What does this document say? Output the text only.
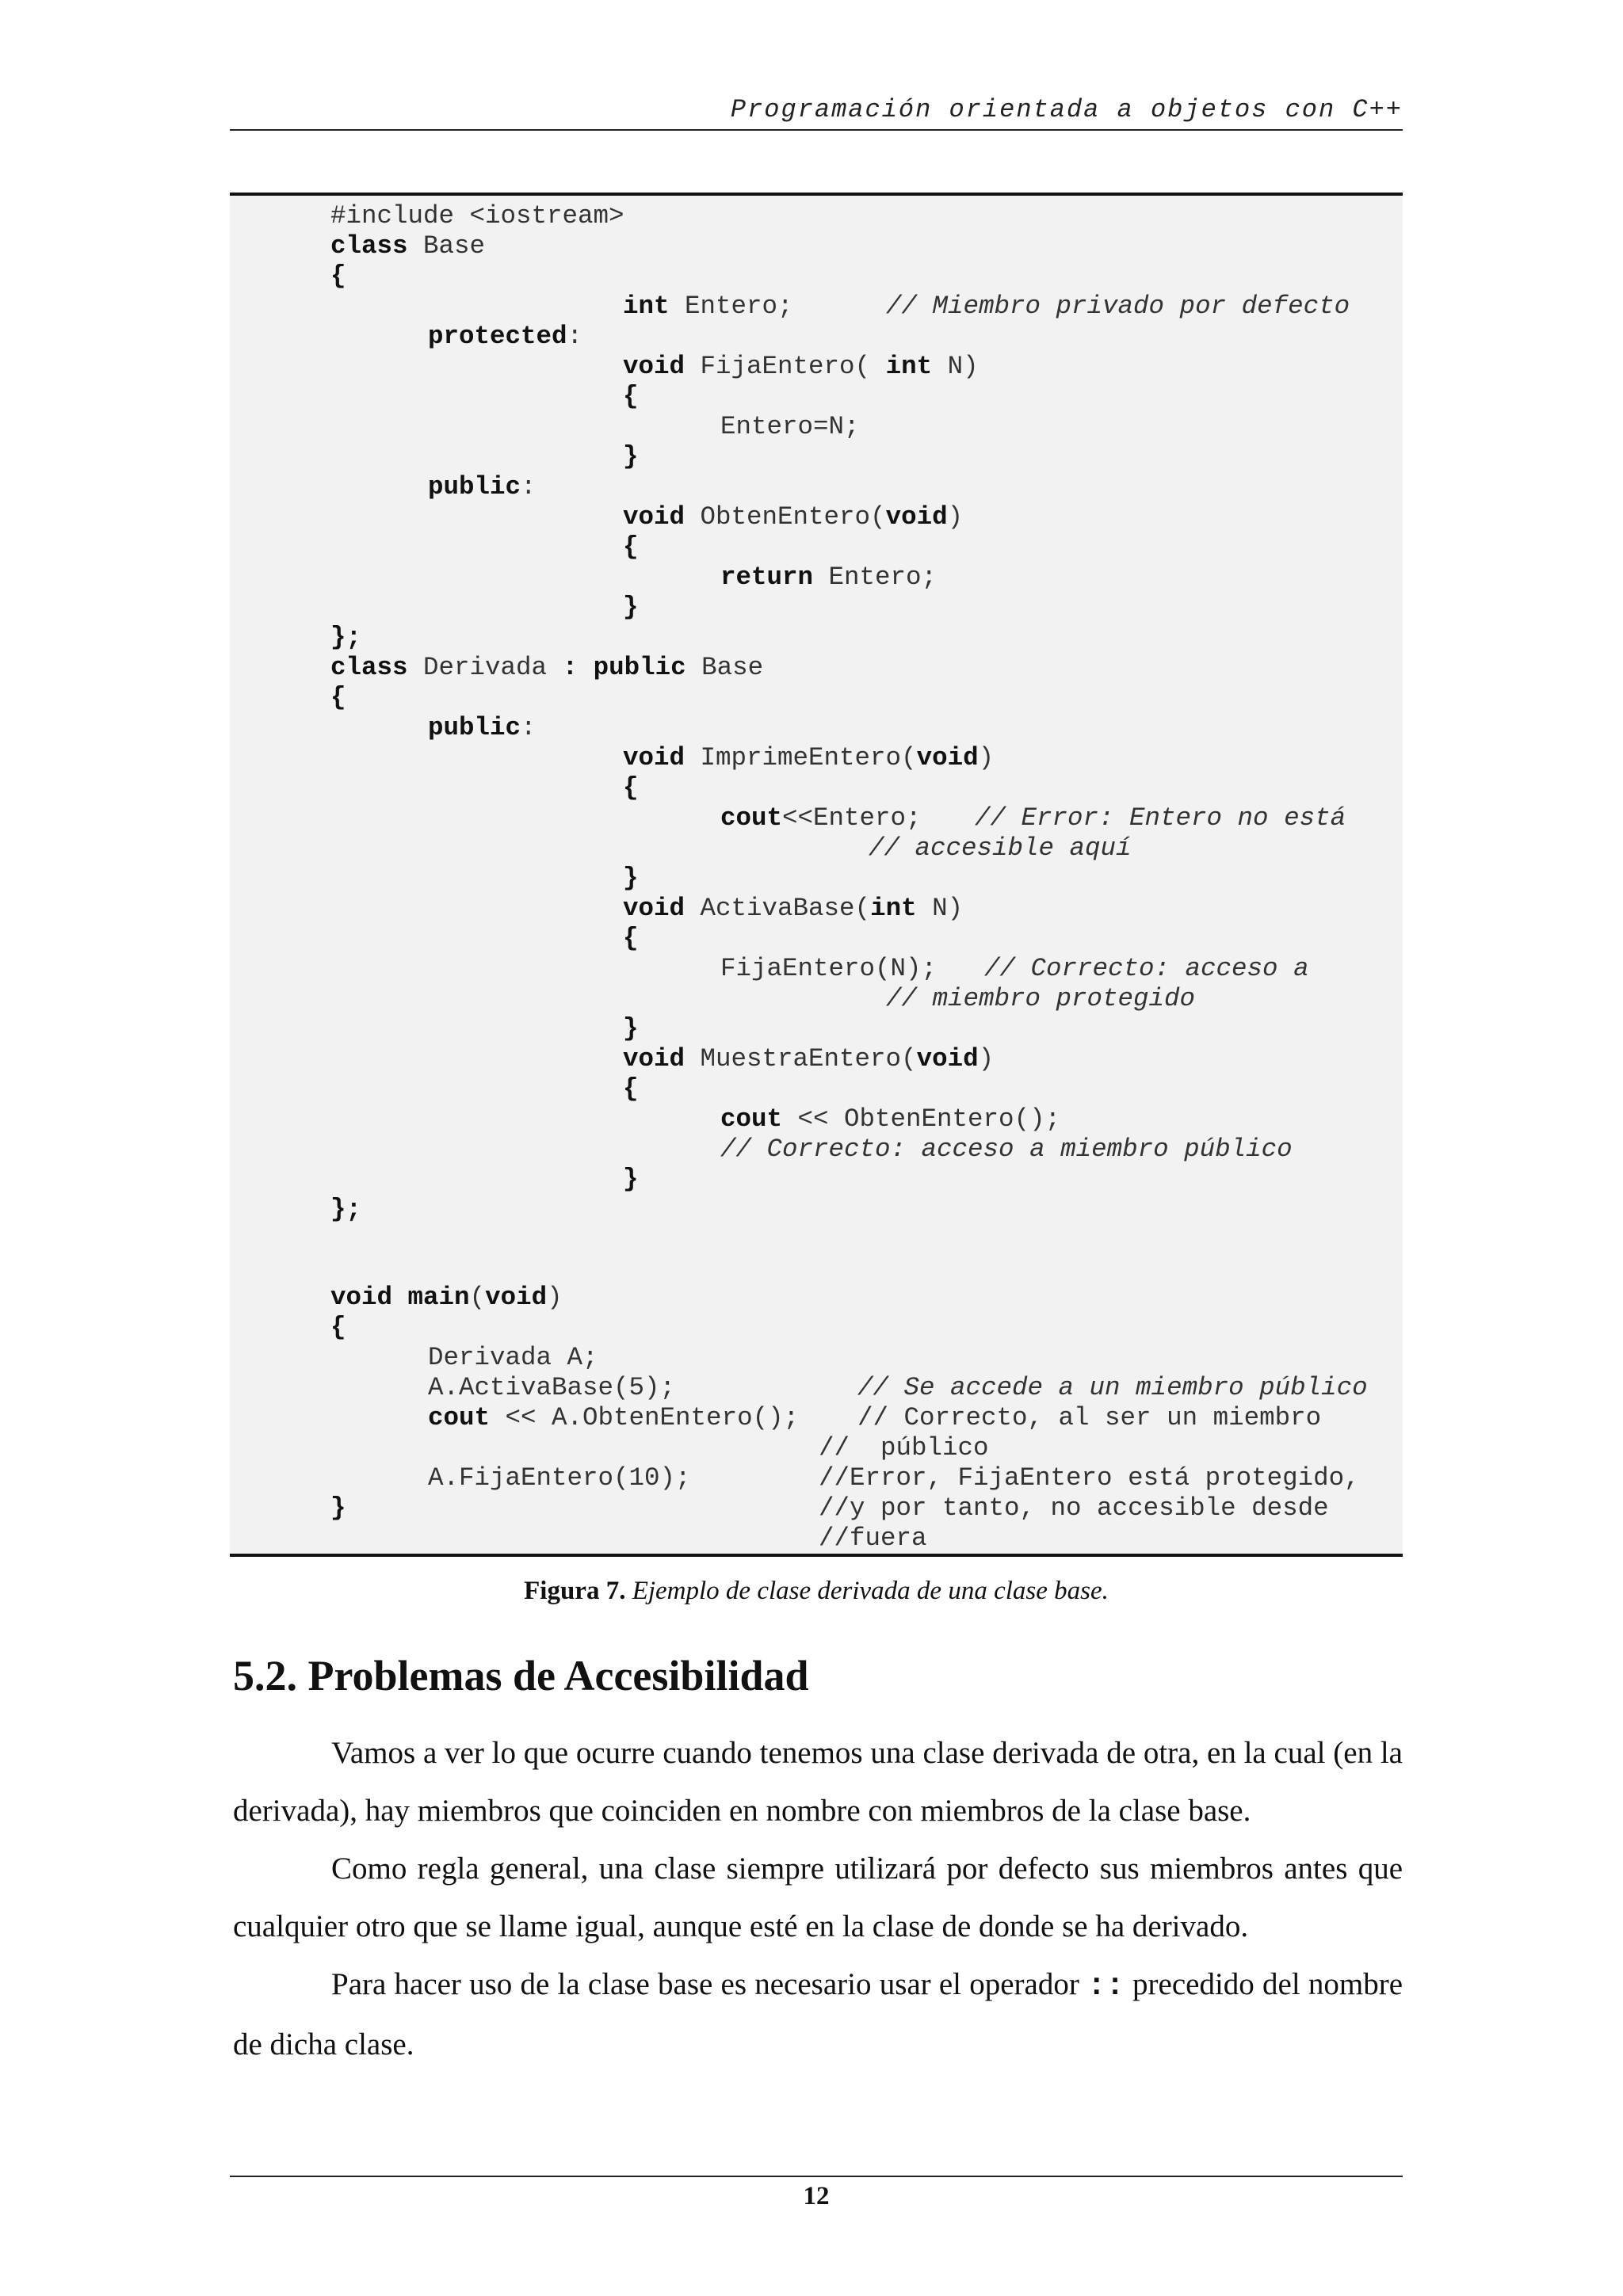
Programación orientada a objetos con C++
#include <iostream>
class Base
{
int Entero;	// Miembro privado por defecto
protected:
void FijaEntero( int N)
{
Entero=N;
}
public:
void ObtenEntero(void)
{
return Entero;
}
};
class Derivada : public Base
{
public:
void ImprimeEntero(void)
{
cout<<Entero; // Error: Entero no está
// accesible aquí
}
void ActivaBase(int N)
{
FijaEntero(N); // Correcto: acceso a
// miembro protegido
}
void MuestraEntero(void)
{
cout << ObtenEntero();
// Correcto: acceso a miembro público
}
};
void main(void)
{
Derivada A;
A.ActivaBase(5);	// Se accede a un miembro público
cout << A.ObtenEntero(); // Correcto, al ser un miembro
//  público
A.FijaEntero(10);	//Error, FijaEntero está protegido,
}	//y por tanto, no accesible desde
//fuera
Figura 7. Ejemplo de clase derivada de una clase base.
5.2. Problemas de Accesibilidad

Vamos a ver lo que ocurre cuando tenemos una clase derivada de otra, en la cual (en la derivada), hay miembros que coinciden en nombre con miembros de la clase base.

Como regla general, una clase siempre utilizará por defecto sus miembros antes que cualquier otro que se llame igual, aunque esté en la clase de donde se ha derivado.

Para hacer uso de la clase base es necesario usar el operador :: precedido del nombre de dicha clase.

12
